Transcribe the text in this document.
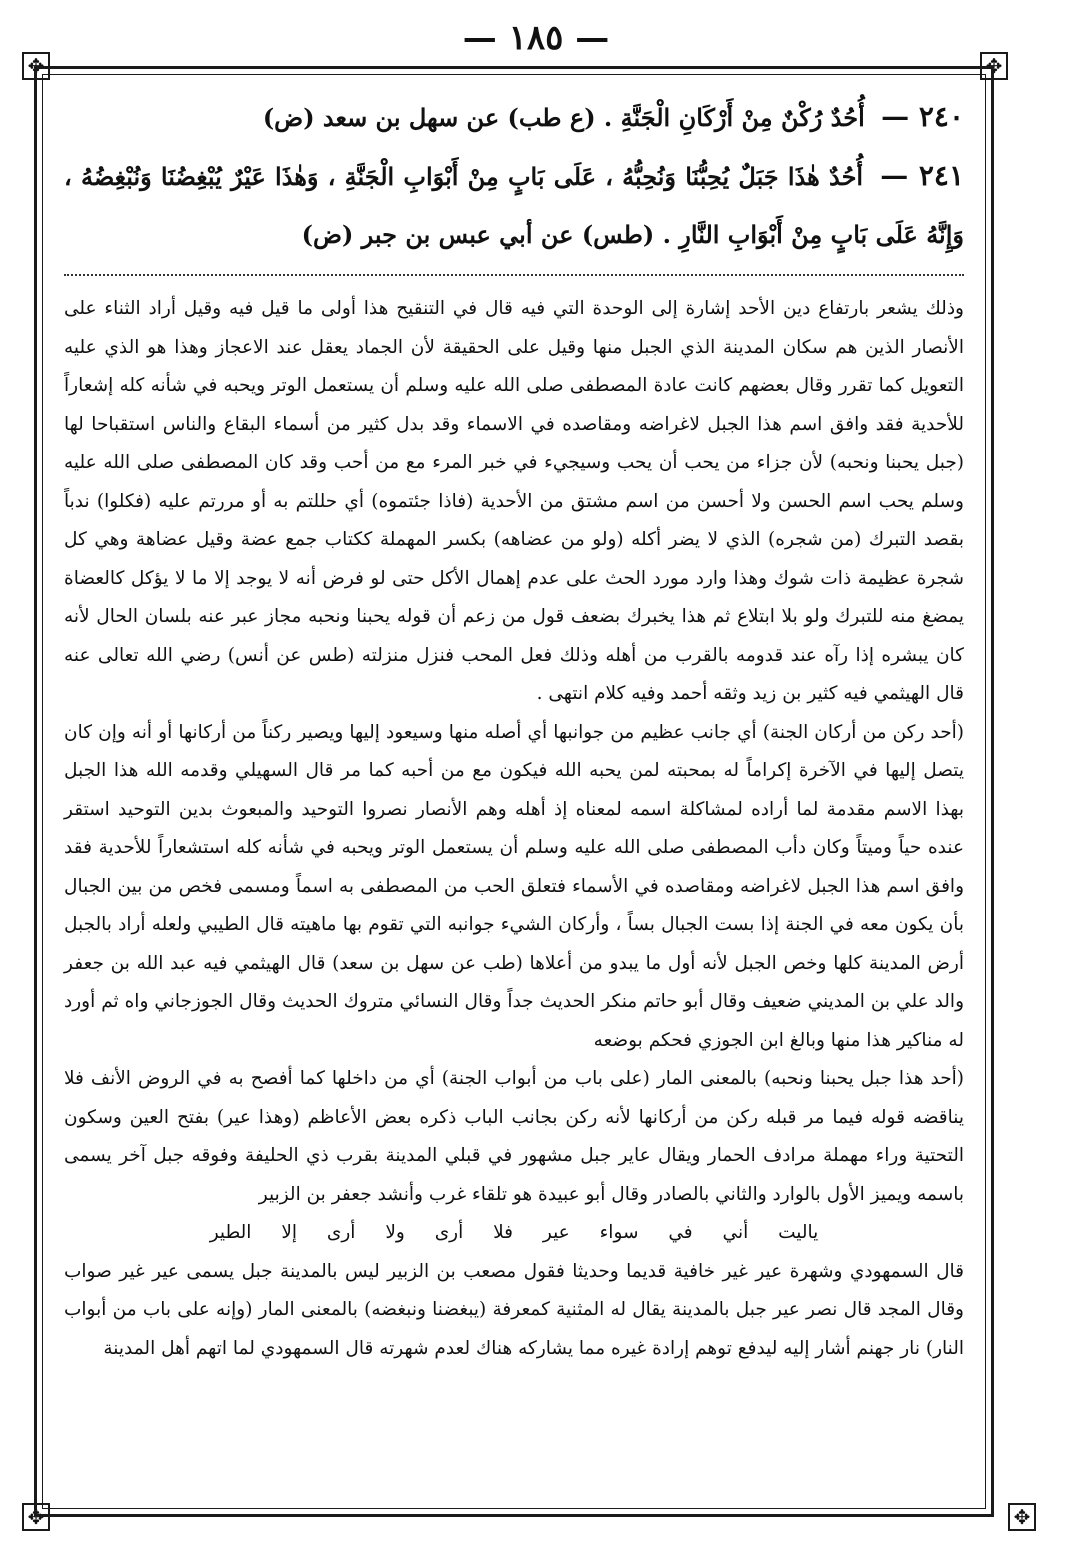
— ١٨٥ —
✥	✥
✥	✥

٢٤٠ — أُحُدٌ رُكْنٌ مِنْ أَرْكَانِ الْجَنَّةِ . (ع طب) عن سهل بن سعد (ض)

٢٤١ — أُحُدٌ هٰذَا جَبَلٌ يُحِبُّنَا وَنُحِبُّهُ ، عَلَى بَابٍ مِنْ أَبْوَابِ الْجَنَّةِ ، وَهٰذَا عَيْرٌ يُبْغِضُنَا وَنُبْغِضُهُ ، وَإِنَّهُ عَلَى بَابٍ مِنْ أَبْوَابِ النَّارِ . (طس) عن أبي عبس بن جبر (ض)

وذلك يشعر بارتفاع دين الأحد إشارة إلى الوحدة التي فيه قال في التنقيح هذا أولى ما قيل فيه وقيل أراد الثناء على الأنصار الذين هم سكان المدينة الذي الجبل منها وقيل على الحقيقة لأن الجماد يعقل عند الاعجاز وهذا هو الذي عليه التعويل كما تقرر وقال بعضهم كانت عادة المصطفى صلى الله عليه وسلم أن يستعمل الوتر ويحبه في شأنه كله إشعاراً للأحدية فقد وافق اسم هذا الجبل لاغراضه ومقاصده في الاسماء وقد بدل كثير من أسماء البقاع والناس استقباحا لها (جبل يحبنا ونحبه) لأن جزاء من يحب أن يحب وسيجيء في خبر المرء مع من أحب وقد كان المصطفى صلى الله عليه وسلم يحب اسم الحسن ولا أحسن من اسم مشتق من الأحدية (فاذا جئتموه) أي حللتم به أو مررتم عليه (فكلوا) ندباً بقصد التبرك (من شجره) الذي لا يضر أكله (ولو من عضاهه) بكسر المهملة ككتاب جمع عضة وقيل عضاهة وهي كل شجرة عظيمة ذات شوك وهذا وارد مورد الحث على عدم إهمال الأكل حتى لو فرض أنه لا يوجد إلا ما لا يؤكل كالعضاة يمضغ منه للتبرك ولو بلا ابتلاع ثم هذا يخبرك بضعف قول من زعم أن قوله يحبنا ونحبه مجاز عبر عنه بلسان الحال لأنه كان يبشره إذا رآه عند قدومه بالقرب من أهله وذلك فعل المحب فنزل منزلته (طس عن أنس) رضي الله تعالى عنه قال الهيثمي فيه كثير بن زيد وثقه أحمد وفيه كلام انتهى .

(أحد ركن من أركان الجنة) أي جانب عظيم من جوانبها أي أصله منها وسيعود إليها ويصير ركناً من أركانها أو أنه وإن كان يتصل إليها في الآخرة إكراماً له بمحبته لمن يحبه الله فيكون مع من أحبه كما مر قال السهيلي وقدمه الله هذا الجبل بهذا الاسم مقدمة لما أراده لمشاكلة اسمه لمعناه إذ أهله وهم الأنصار نصروا التوحيد والمبعوث بدين التوحيد استقر عنده حياً وميتاً وكان دأب المصطفى صلى الله عليه وسلم أن يستعمل الوتر ويحبه في شأنه كله استشعاراً للأحدية فقد وافق اسم هذا الجبل لاغراضه ومقاصده في الأسماء فتعلق الحب من المصطفى به اسماً ومسمى فخص من بين الجبال بأن يكون معه في الجنة إذا بست الجبال بساً ، وأركان الشيء جوانبه التي تقوم بها ماهيته قال الطيبي ولعله أراد بالجبل أرض المدينة كلها وخص الجبل لأنه أول ما يبدو من أعلاها (طب عن سهل بن سعد) قال الهيثمي فيه عبد الله بن جعفر والد علي بن المديني ضعيف وقال أبو حاتم منكر الحديث جداً وقال النسائي متروك الحديث وقال الجوزجاني واه ثم أورد له مناكير هذا منها وبالغ ابن الجوزي فحكم بوضعه

(أحد هذا جبل يحبنا ونحبه) بالمعنى المار (على باب من أبواب الجنة) أي من داخلها كما أفصح به في الروض الأنف فلا يناقضه قوله فيما مر قبله ركن من أركانها لأنه ركن بجانب الباب ذكره بعض الأعاظم (وهذا عير) بفتح العين وسكون التحتية وراء مهملة مرادف الحمار ويقال عاير جبل مشهور في قبلي المدينة بقرب ذي الحليفة وفوقه جبل آخر يسمى باسمه ويميز الأول بالوارد والثاني بالصادر وقال أبو عبيدة هو تلقاء غرب وأنشد جعفر بن الزبير

ياليت أني في سواء عير فلا أرى ولا أرى إلا الطير

قال السمهودي وشهرة عير غير خافية قديما وحديثا فقول مصعب بن الزبير ليس بالمدينة جبل يسمى عير غير صواب وقال المجد قال نصر عير جبل بالمدينة يقال له المثنية كمعرفة (يبغضنا ونبغضه) بالمعنى المار (وإنه على باب من أبواب النار) نار جهنم أشار إليه ليدفع توهم إرادة غيره مما يشاركه هناك لعدم شهرته قال السمهودي لما اتهم أهل المدينة
